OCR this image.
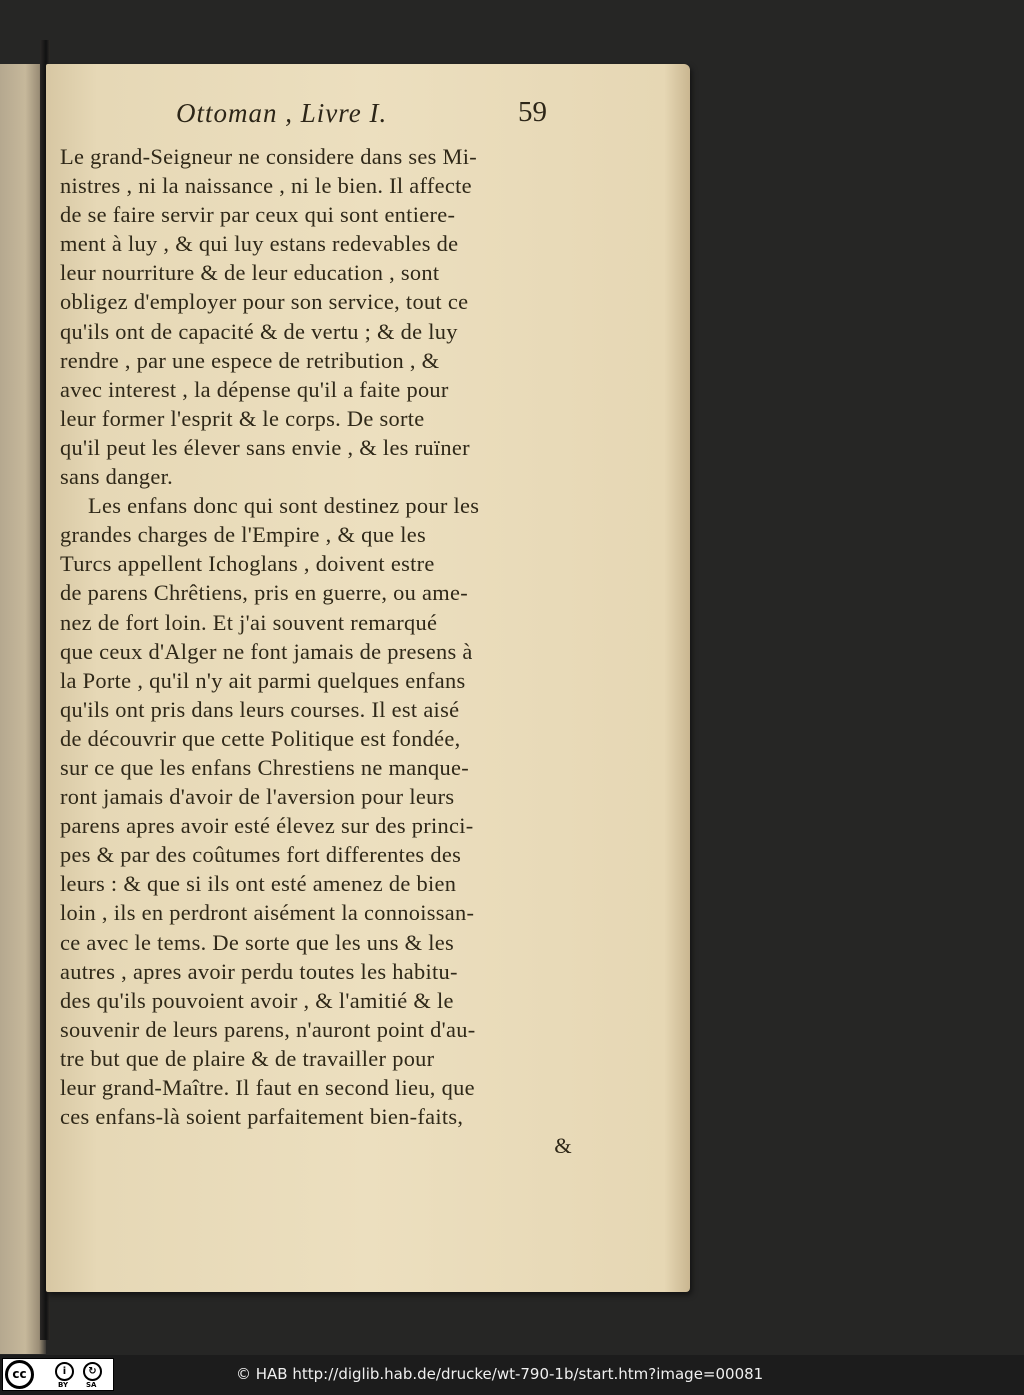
Ottoman , Livre I.	59
Le grand-Seigneur ne considere dans ses Mi-
nistres , ni la naissance , ni le bien. Il affecte
de se faire servir par ceux qui sont entiere-
ment à luy , & qui luy estans redevables de
leur nourriture & de leur education , sont
obligez d'employer pour son service, tout ce
qu'ils ont de capacité & de vertu ; & de luy
rendre , par une espece de retribution , &
avec interest , la dépense qu'il a faite pour
leur former l'esprit & le corps. De sorte
qu'il peut les élever sans envie , & les ruïner
sans danger.
Les enfans donc qui sont destinez pour les
grandes charges de l'Empire , & que les
Turcs appellent Ichoglans , doivent estre
de parens Chrêtiens, pris en guerre, ou ame-
nez de fort loin. Et j'ai souvent remarqué
que ceux d'Alger ne font jamais de presens à
la Porte , qu'il n'y ait parmi quelques enfans
qu'ils ont pris dans leurs courses. Il est aisé
de découvrir que cette Politique est fondée,
sur ce que les enfans Chrestiens ne manque-
ront jamais d'avoir de l'aversion pour leurs
parens apres avoir esté élevez sur des princi-
pes & par des coûtumes fort differentes des
leurs : & que si ils ont esté amenez de bien
loin , ils en perdront aisément la connoissan-
ce avec le tems. De sorte que les uns & les
autres , apres avoir perdu toutes les habitu-
des qu'ils pouvoient avoir , & l'amitié & le
souvenir de leurs parens, n'auront point d'au-
tre but que de plaire & de travailler pour
leur grand-Maître. Il faut en second lieu, que
ces enfans-là soient parfaitement bien-faits,
&
cc	i	↻
BY	SA
© HAB http://diglib.hab.de/drucke/wt-790-1b/start.htm?image=00081
